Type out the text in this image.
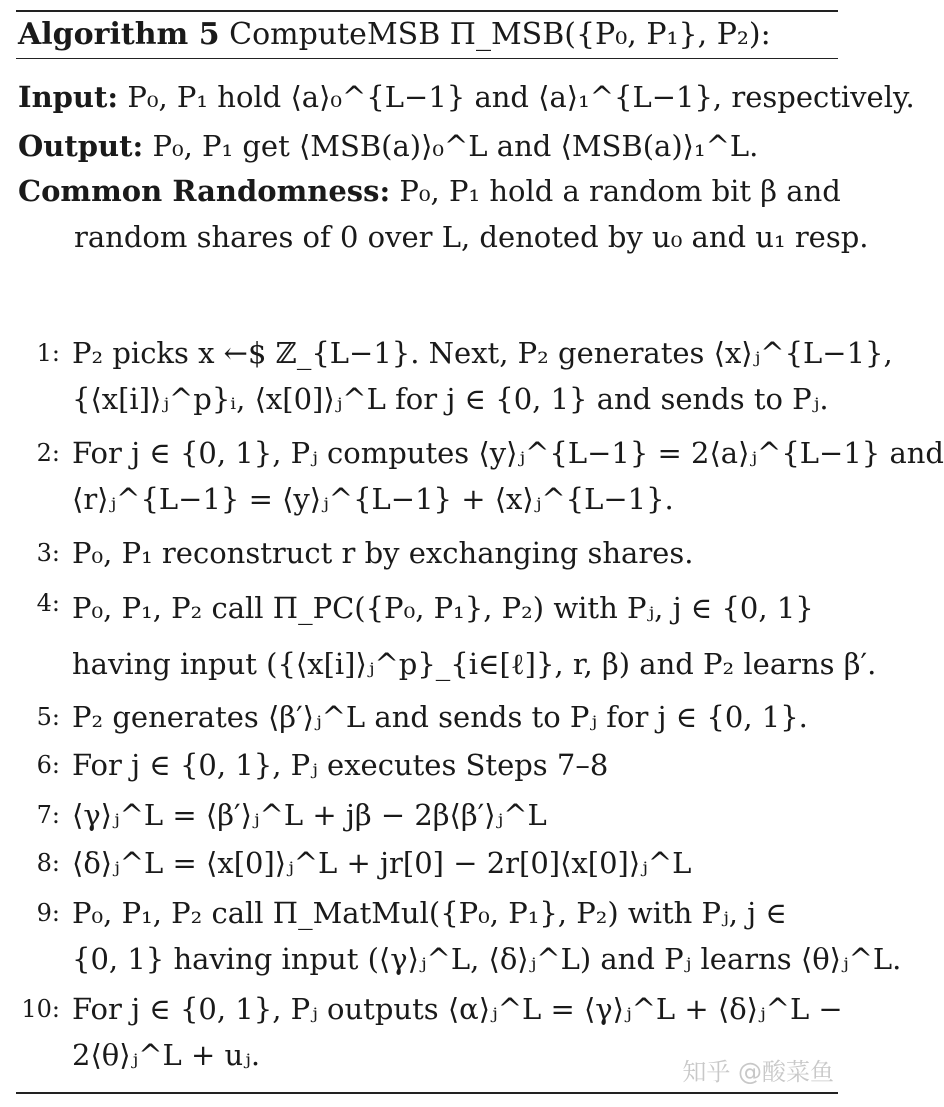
Algorithm 5 ComputeMSB Π_MSB({P₀, P₁}, P₂):
Input: P₀, P₁ hold ⟨a⟩₀^{L−1} and ⟨a⟩₁^{L−1}, respectively.
Output: P₀, P₁ get ⟨MSB(a)⟩₀^L and ⟨MSB(a)⟩₁^L.
Common Randomness: P₀, P₁ hold a random bit β and random shares of 0 over L, denoted by u₀ and u₁ resp.
1: P₂ picks x ←$ ℤ_{L−1}. Next, P₂ generates ⟨x⟩ⱼ^{L−1},
{⟨x[i]⟩ⱼ^p}ᵢ, ⟨x[0]⟩ⱼ^L for j ∈ {0, 1} and sends to Pⱼ.
2: For j ∈ {0, 1}, Pⱼ computes ⟨y⟩ⱼ^{L−1} = 2⟨a⟩ⱼ^{L−1} and
⟨r⟩ⱼ^{L−1} = ⟨y⟩ⱼ^{L−1} + ⟨x⟩ⱼ^{L−1}.
3: P₀, P₁ reconstruct r by exchanging shares.
4: P₀, P₁, P₂ call Π_PC({P₀, P₁}, P₂) with Pⱼ, j ∈ {0, 1}
having input ({⟨x[i]⟩ⱼ^p}_{i∈[ℓ]}, r, β) and P₂ learns β′.
5: P₂ generates ⟨β′⟩ⱼ^L and sends to Pⱼ for j ∈ {0, 1}.
6: For j ∈ {0, 1}, Pⱼ executes Steps 7–8
7: ⟨γ⟩ⱼ^L = ⟨β′⟩ⱼ^L + jβ − 2β⟨β′⟩ⱼ^L
8: ⟨δ⟩ⱼ^L = ⟨x[0]⟩ⱼ^L + jr[0] − 2r[0]⟨x[0]⟩ⱼ^L
9: P₀, P₁, P₂ call Π_MatMul({P₀, P₁}, P₂) with Pⱼ, j ∈
{0, 1} having input (⟨γ⟩ⱼ^L, ⟨δ⟩ⱼ^L) and Pⱼ learns ⟨θ⟩ⱼ^L.
10: For j ∈ {0, 1}, Pⱼ outputs ⟨α⟩ⱼ^L = ⟨γ⟩ⱼ^L + ⟨δ⟩ⱼ^L −
2⟨θ⟩ⱼ^L + uⱼ.	知乎 @酸菜鱼
